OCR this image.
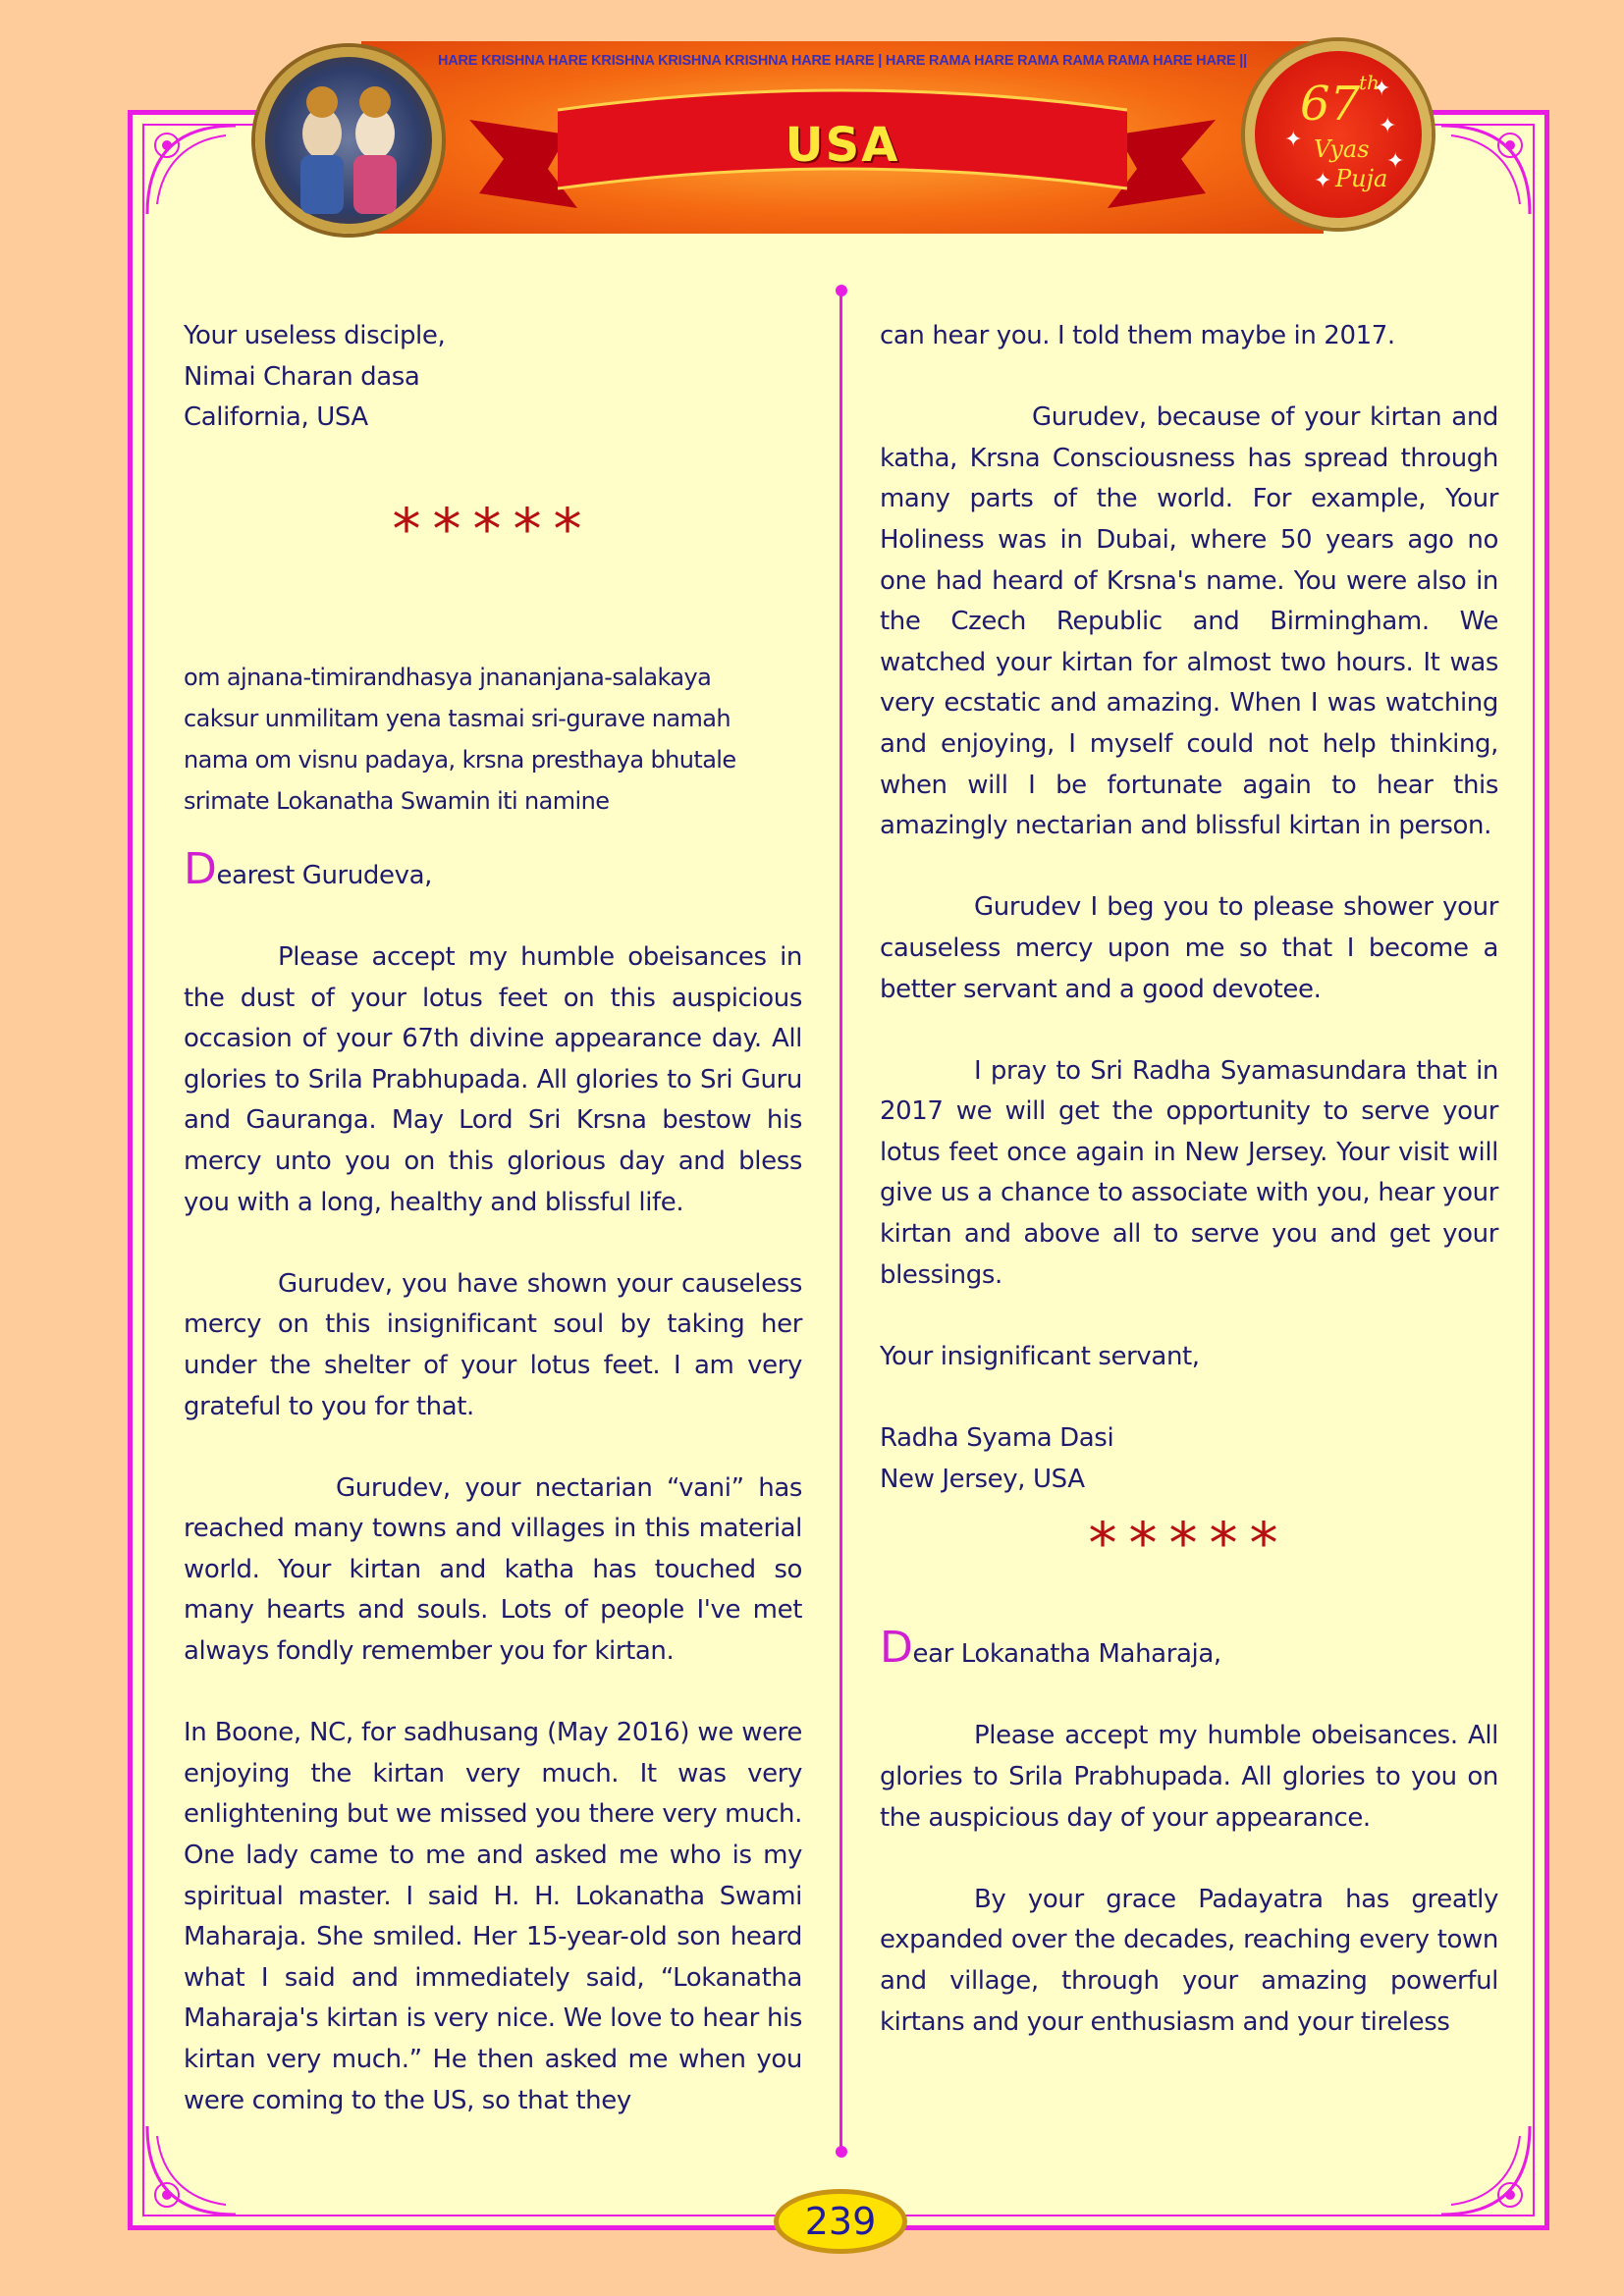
HARE KRISHNA HARE KRISHNA KRISHNA KRISHNA HARE HARE | HARE RAMA HARE RAMA RAMA RAMA HARE HARE ||
USA
67
th
Vyas
Puja
✦
✦
✦
✦
✦

Your useless disciple,

Nimai Charan dasa

California, USA

*****
om ajnana-timirandhasya jnananjana-salakaya
caksur unmilitam yena tasmai sri-gurave namah
nama om visnu padaya, krsna presthaya bhutale
srimate Lokanatha Swamin iti namine

Dearest Gurudeva,

Please accept my humble obeisances in the dust of your lotus feet on this auspicious occasion of your 67th divine appearance day. All glories to Srila Prabhupada. All glories to Sri Guru and Gauranga. May Lord Sri Krsna bestow his mercy unto you on this glorious day and bless you with a long, healthy and blissful life.

Gurudev, you have shown your causeless mercy on this insignificant soul by taking her under the shelter of your lotus feet. I am very grateful to you for that.

Gurudev, your nectarian “vani” has reached many towns and villages in this material world. Your kirtan and katha has touched so many hearts and souls. Lots of people I've met always fondly remember you for kirtan.

In Boone, NC, for sadhusang (May 2016) we were enjoying the kirtan very much. It was very enlightening but we missed you there very much. One lady came to me and asked me who is my spiritual master. I said H. H. Lokanatha Swami Maharaja. She smiled. Her 15-year-old son heard what I said and immediately said, “Lokanatha Maharaja's kirtan is very nice. We love to hear his kirtan very much.” He then asked me when you were coming to the US, so that they

can hear you. I told them maybe in 2017.

Gurudev, because of your kirtan and katha, Krsna Consciousness has spread through many parts of the world. For example, Your Holiness was in Dubai, where 50 years ago no one had heard of Krsna's name. You were also in the Czech Republic and Birmingham. We watched your kirtan for almost two hours. It was very ecstatic and amazing. When I was watching and enjoying, I myself could not help thinking, when will I be fortunate again to hear this amazingly nectarian and blissful kirtan in person.

Gurudev I beg you to please shower your causeless mercy upon me so that I become a better servant and a good devotee.

I pray to Sri Radha Syamasundara that in 2017 we will get the opportunity to serve your lotus feet once again in New Jersey. Your visit will give us a chance to associate with you, hear your kirtan and above all to serve you and get your blessings.

Your insignificant servant,

Radha Syama Dasi

New Jersey, USA

*****

Dear Lokanatha Maharaja,

Please accept my humble obeisances. All glories to Srila Prabhupada. All glories to you on the auspicious day of your appearance.

By your grace Padayatra has greatly expanded over the decades, reaching every town and village, through your amazing powerful kirtans and your enthusiasm and your tireless

239
